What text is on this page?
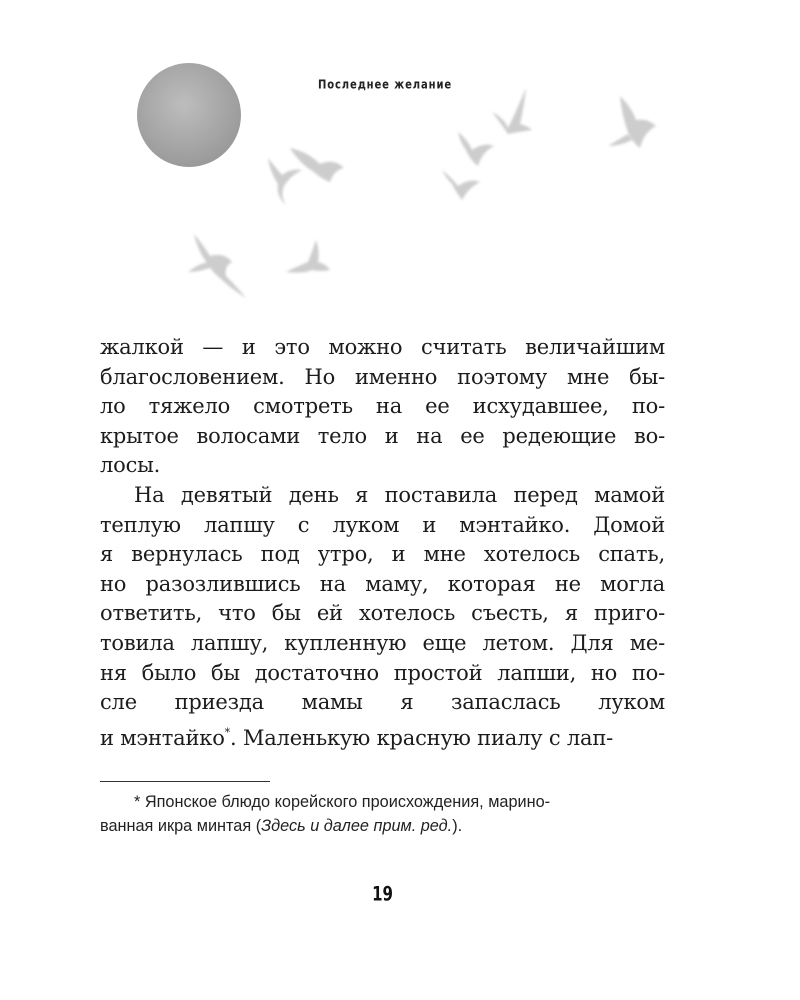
Последнее желание
жалкой — и это можно считать величайшим
благословением. Но именно поэтому мне бы-
ло тяжело смотреть на ее исхудавшее, по-
крытое волосами тело и на ее редеющие во-
лосы.
На девятый день я поставила перед мамой
теплую лапшу с луком и мэнтайко. Домой
я вернулась под утро, и мне хотелось спать,
но разозлившись на маму, которая не могла
ответить, что бы ей хотелось съесть, я приго-
товила лапшу, купленную еще летом. Для ме-
ня было бы достаточно простой лапши, но по-
сле приезда мамы я запаслась луком
и мэнтайко*. Маленькую красную пиалу с лап-
* Японское блюдо корейского происхождения, марино-
ванная икра минтая (Здесь и далее прим. ред.).
19
